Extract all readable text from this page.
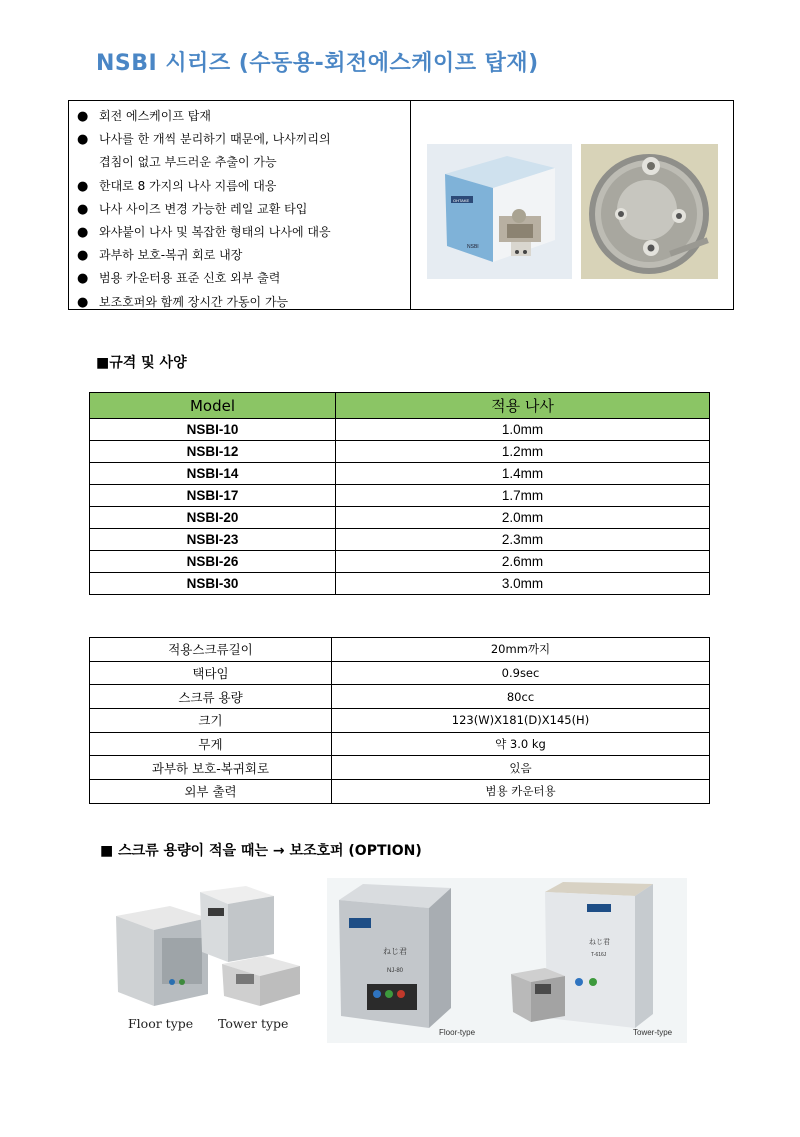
NSBI 시리즈 (수동용-회전에스케이프 탑재)
● 회전 에스케이프 탑재
● 나사를 한 개씩 분리하기 때문에, 나사끼리의
겹침이 없고 부드러운 추출이 가능
● 한대로 8 가지의 나사 지름에 대응
● 나사 사이즈 변경 가능한 레일 교환 타입
● 와샤붙이 나사 및 복잡한 형태의 나사에 대응
● 과부하 보호-복귀 회로 내장
● 범용 카운터용 표준 신호 외부 출력
● 보조호퍼와 함께 장시간 가동이 가능
OHTAKE
NSBI
■규격 및 사양
Model	적용 나사
NSBI-10	1.0mm
NSBI-12	1.2mm
NSBI-14	1.4mm
NSBI-17	1.7mm
NSBI-20	2.0mm
NSBI-23	2.3mm
NSBI-26	2.6mm
NSBI-30	3.0mm
적용스크류길이	20mm까지
택타임	0.9sec
스크류 용량	80cc
크기	123(W)X181(D)X145(H)
무게	약 3.0 kg
과부하 보호-복귀회로	있음
외부 출력	범용 카운터용
■ 스크류 용량이 적을 때는 → 보조호퍼 (OPTION)
Floor type Tower type
ねじ君
NJ-80
ねじ君
T-616J
Floor-type	Tower-type
